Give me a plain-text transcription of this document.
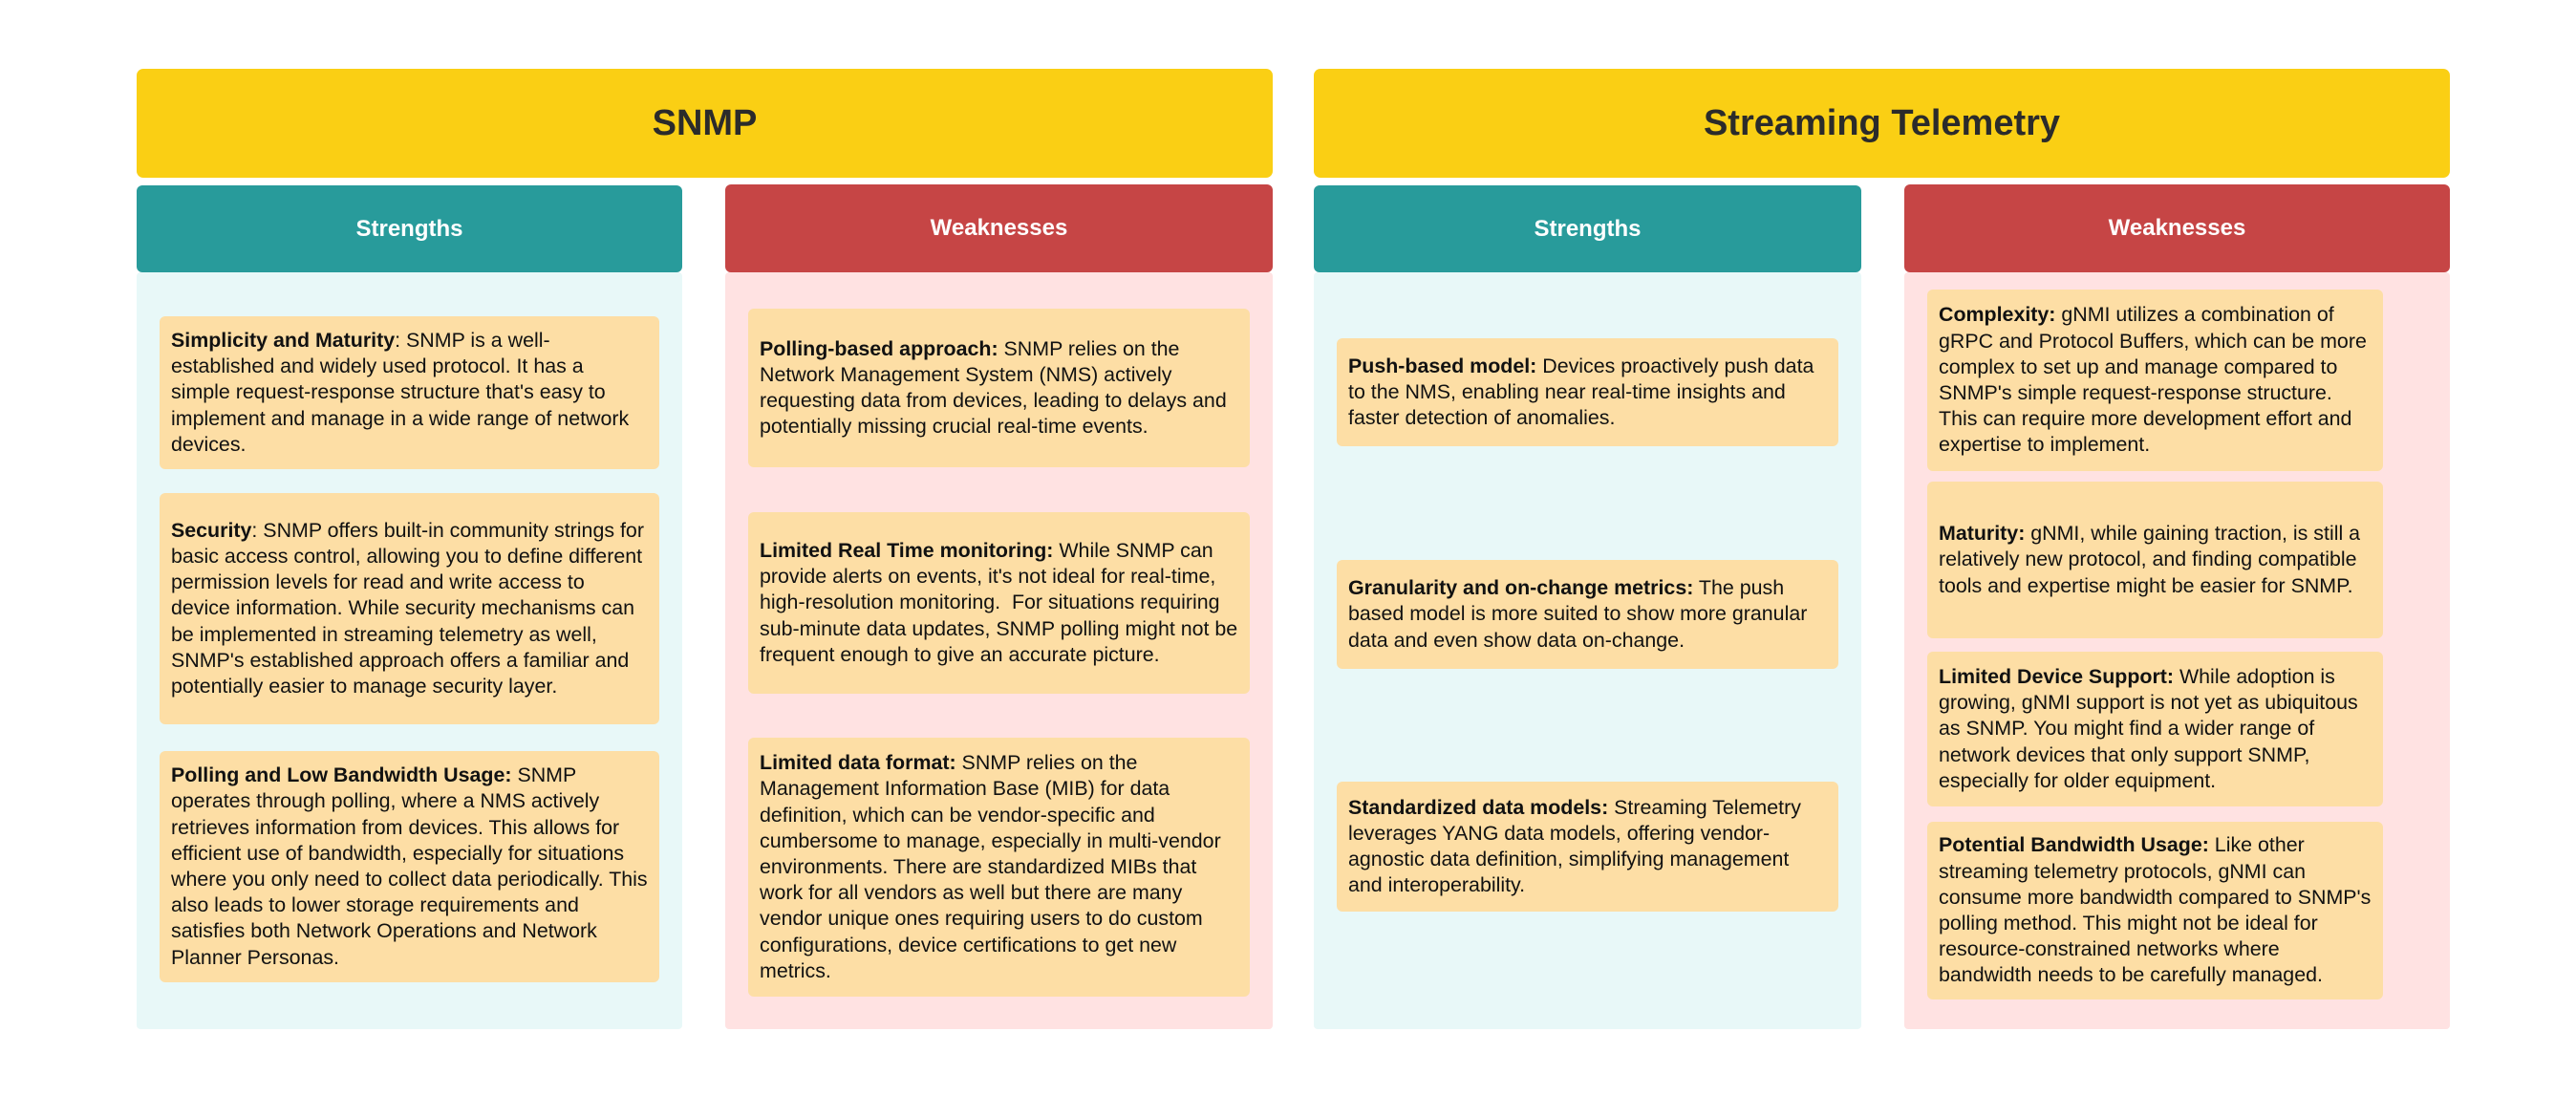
SNMP
Strengths	Weaknesses
Streaming Telemetry
Strengths	Weaknesses
Simplicity and Maturity: SNMP is a well-established and widely used protocol. It has a simple request-response structure that's easy to implement and manage in a wide range of network devices.
Security: SNMP offers built-in community strings for basic access control, allowing you to define different permission levels for read and write access to device information. While security mechanisms can be implemented in streaming telemetry as well, SNMP's established approach offers a familiar and potentially easier to manage security layer.
Polling and Low Bandwidth Usage: SNMP operates through polling, where a NMS actively retrieves information from devices. This allows for efficient use of bandwidth, especially for situations where you only need to collect data periodically. This also leads to lower storage requirements and satisfies both Network Operations and Network Planner Personas.
Polling-based approach: SNMP relies on the Network Management System (NMS) actively requesting data from devices, leading to delays and potentially missing crucial real-time events.
Limited Real Time monitoring: While SNMP can provide alerts on events, it's not ideal for real-time, high-resolution monitoring.  For situations requiring sub-minute data updates, SNMP polling might not be frequent enough to give an accurate picture.
Limited data format: SNMP relies on the Management Information Base (MIB) for data definition, which can be vendor-specific and cumbersome to manage, especially in multi-vendor environments. There are standardized MIBs that work for all vendors as well but there are many vendor unique ones requiring users to do custom configurations, device certifications to get new metrics.
Push-based model: Devices proactively push data to the NMS, enabling near real-time insights and faster detection of anomalies.
Granularity and on-change metrics: The push based model is more suited to show more granular data and even show data on-change.
Standardized data models: Streaming Telemetry leverages YANG data models, offering vendor-agnostic data definition, simplifying management and interoperability.
Complexity: gNMI utilizes a combination of gRPC and Protocol Buffers, which can be more complex to set up and manage compared to SNMP's simple request-response structure. This can require more development effort and expertise to implement.
Maturity: gNMI, while gaining traction, is still a relatively new protocol, and finding compatible tools and expertise might be easier for SNMP.
Limited Device Support: While adoption is growing, gNMI support is not yet as ubiquitous as SNMP. You might find a wider range of network devices that only support SNMP, especially for older equipment.
Potential Bandwidth Usage: Like other streaming telemetry protocols, gNMI can consume more bandwidth compared to SNMP's polling method. This might not be ideal for resource-constrained networks where bandwidth needs to be carefully managed.
